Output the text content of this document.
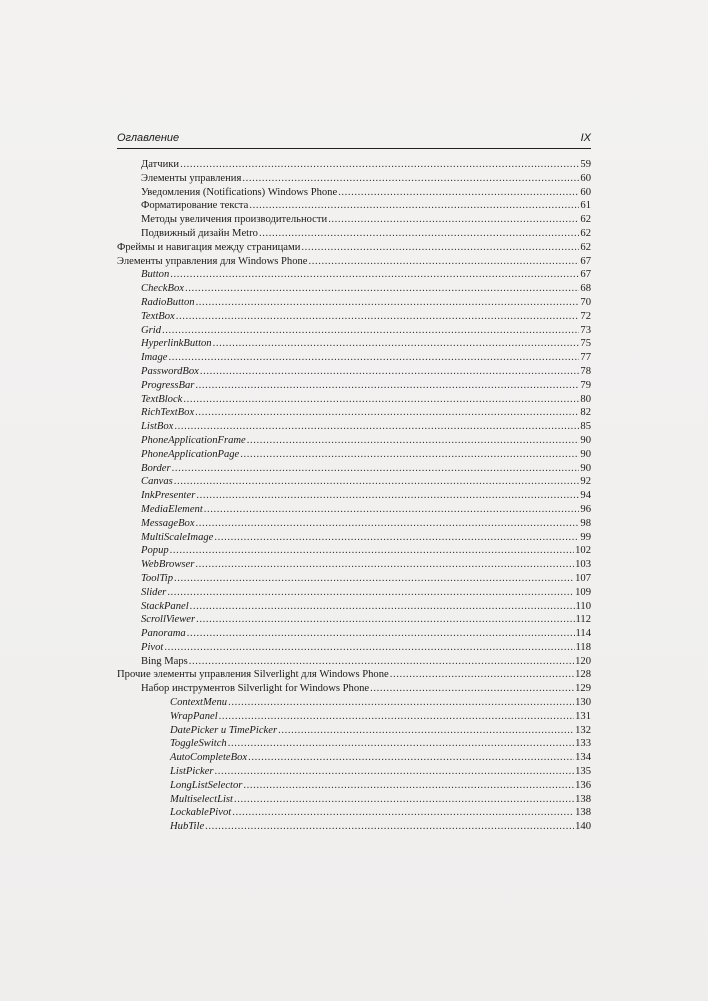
Оглавление	IX
Датчики .....	59
Элементы управления .....	60
Уведомления (Notifications) Windows Phone .....	60
Форматирование текста .....	61
Методы увеличения производительности .....	62
Подвижный дизайн Metro .....	62
Фреймы и навигация между страницами .....	62
Элементы управления для Windows Phone .....	67
Button .....	67
CheckBox .....	68
RadioButton .....	70
TextBox .....	72
Grid .....	73
HyperlinkButton .....	75
Image .....	77
PasswordBox .....	78
ProgressBar .....	79
TextBlock .....	80
RichTextBox .....	82
ListBox .....	85
PhoneApplicationFrame .....	90
PhoneApplicationPage .....	90
Border .....	90
Canvas .....	92
InkPresenter .....	94
MediaElement .....	96
MessageBox .....	98
MultiScaleImage .....	99
Popup .....	102
WebBrowser .....	103
ToolTip .....	107
Slider .....	109
StackPanel .....	110
ScrollViewer .....	112
Panorama .....	114
Pivot .....	118
Bing Maps .....	120
Прочие элементы управления Silverlight для Windows Phone .....	128
Набор инструментов Silverlight for Windows Phone .....	129
ContextMenu .....	130
WrapPanel .....	131
DatePicker и TimePicker .....	132
ToggleSwitch .....	133
AutoCompleteBox .....	134
ListPicker .....	135
LongListSelector .....	136
MultiselectList .....	138
LockablePivot .....	138
HubTile .....	140
